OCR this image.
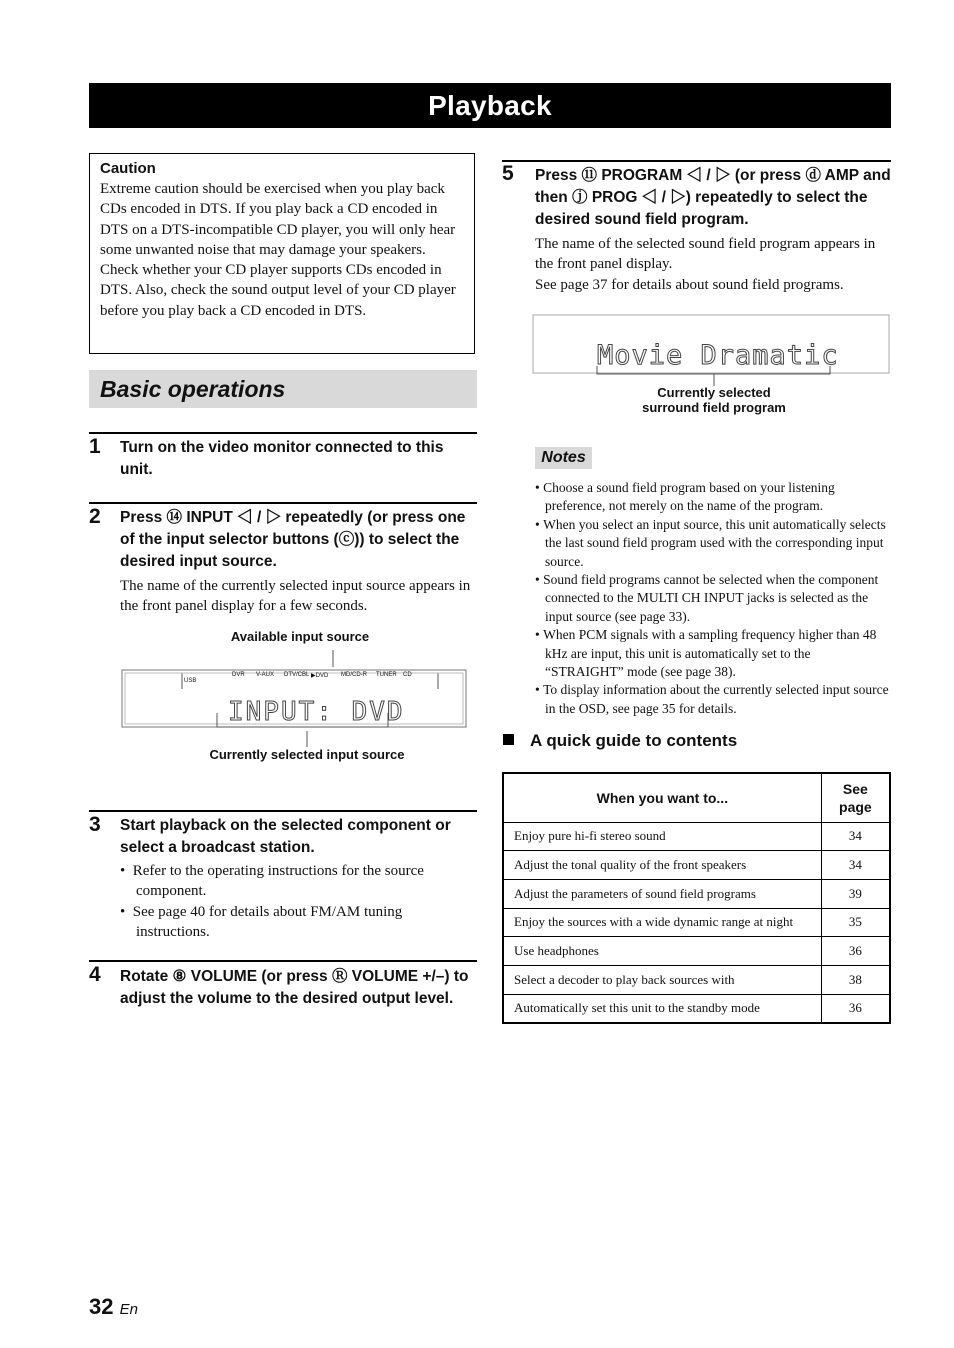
Playback
Caution
Extreme caution should be exercised when you play back CDs encoded in DTS. If you play back a CD encoded in DTS on a DTS-incompatible CD player, you will only hear some unwanted noise that may damage your speakers. Check whether your CD player supports CDs encoded in DTS. Also, check the sound output level of your CD player before you play back a CD encoded in DTS.
Basic operations
1 Turn on the video monitor connected to this unit.
2 Press ⑭ INPUT ◁ / ▷ repeatedly (or press one of the input selector buttons (ⓒ)) to select the desired input source.
The name of the currently selected input source appears in the front panel display for a few seconds.
Available input source
USB
DVR V-AUX DTV/CBL ▶DVD MD/CD-R TUNER CD
INPUT: DVD
Currently selected input source
3 Start playback on the selected component or select a broadcast station.
•  Refer to the operating instructions for the source component.
•  See page 40 for details about FM/AM tuning instructions.
4 Rotate ⑧ VOLUME (or press Ⓡ VOLUME +/–) to adjust the volume to the desired output level.
5 Press ⑪ PROGRAM ◁ / ▷ (or press ⓓ AMP and then ⓙ PROG ◁ / ▷) repeatedly to select the desired sound field program.
The name of the selected sound field program appears in the front panel display.
See page 37 for details about sound field programs.
Movie Dramatic
Currently selected
surround field program
Notes
• Choose a sound field program based on your listening preference, not merely on the name of the program.
• When you select an input source, this unit automatically selects the last sound field program used with the corresponding input source.
• Sound field programs cannot be selected when the component connected to the MULTI CH INPUT jacks is selected as the input source (see page 33).
• When PCM signals with a sampling frequency higher than 48 kHz are input, this unit is automatically set to the “STRAIGHT” mode (see page 38).
• To display information about the currently selected input source in the OSD, see page 35 for details.
A quick guide to contents
When you want to...	See
page

Enjoy pure hi-fi stereo sound	34
Adjust the tonal quality of the front speakers	34
Adjust the parameters of sound field programs	39
Enjoy the sources with a wide dynamic range at night	35
Use headphones	36
Select a decoder to play back sources with	38
Automatically set this unit to the standby mode	36
32 En
